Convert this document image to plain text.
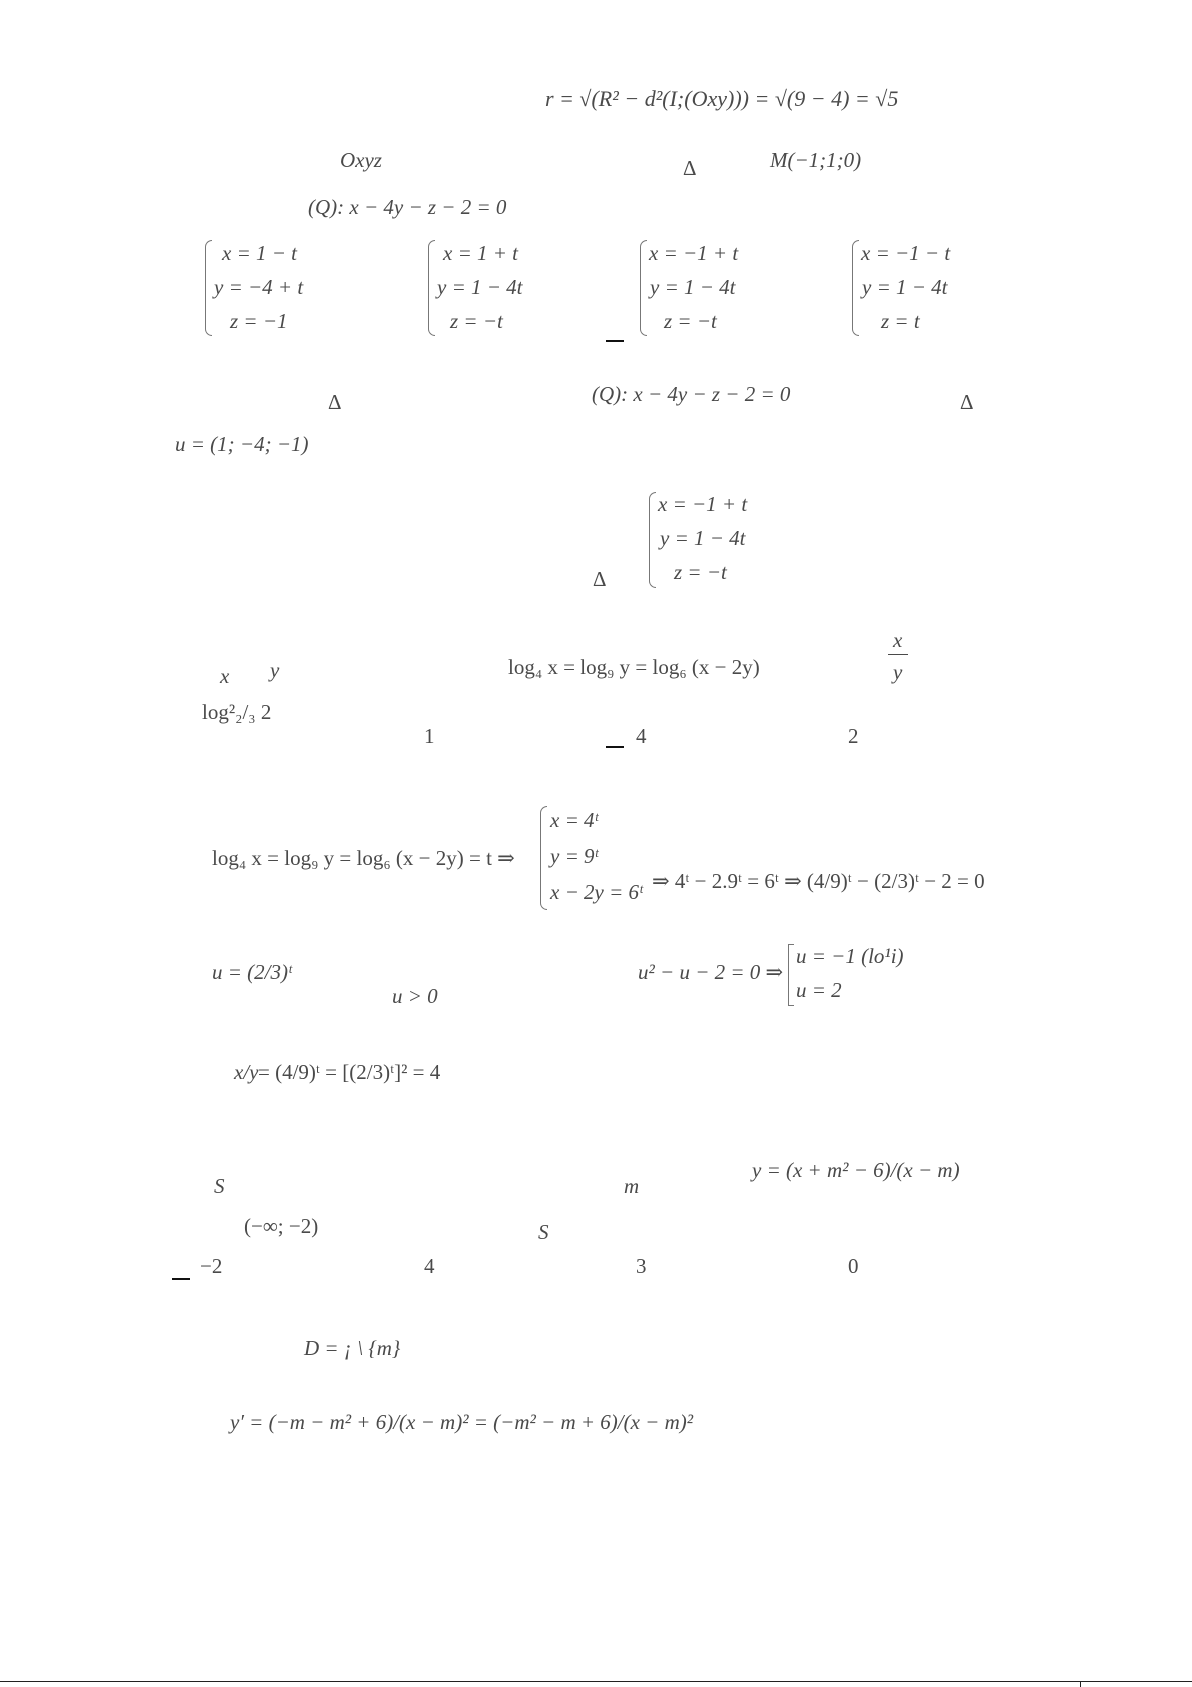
r = √(R² − d²(I;(Oxy))) = √(9 − 4) = √5
Oxyz	Δ	M(−1;1;0)
(Q): x − 4y − z − 2 = 0
x = 1 − t
y = −4 + t
z = −1
x = 1 + t
y = 1 − 4t
z = −t
x = −1 + t
y = 1 − 4t
z = −t
x = −1 − t
y = 1 − 4t
z = t
Δ	(Q): x − 4y − z − 2 = 0	Δ
u = (1; −4; −1)
Δ
x = −1 + t
y = 1 − 4t
z = −t
x y	log₄ x = log₉ y = log₆ (x − 2y)
x
y
log²₂/₃ 2
1	4	2
log₄ x = log₉ y = log₆ (x − 2y) = t ⇒
x = 4ᵗ
y = 9ᵗ
x − 2y = 6ᵗ ⇒ 4ᵗ − 2.9ᵗ = 6ᵗ ⇒ (4/9)ᵗ − (2/3)ᵗ − 2 = 0
u = (2/3)ᵗ
u > 0
u² − u − 2 = 0 ⇒
u = −1 (lo¹i)
u = 2
x/y = (4/9)ᵗ = [(2/3)ᵗ]² = 4
S	m
y = (x + m² − 6)/(x − m)
(−∞; −2)	S
−2	4	3	0
D = ¡ \ {m}
y′ = (−m − m² + 6)/(x − m)² = (−m² − m + 6)/(x − m)²
